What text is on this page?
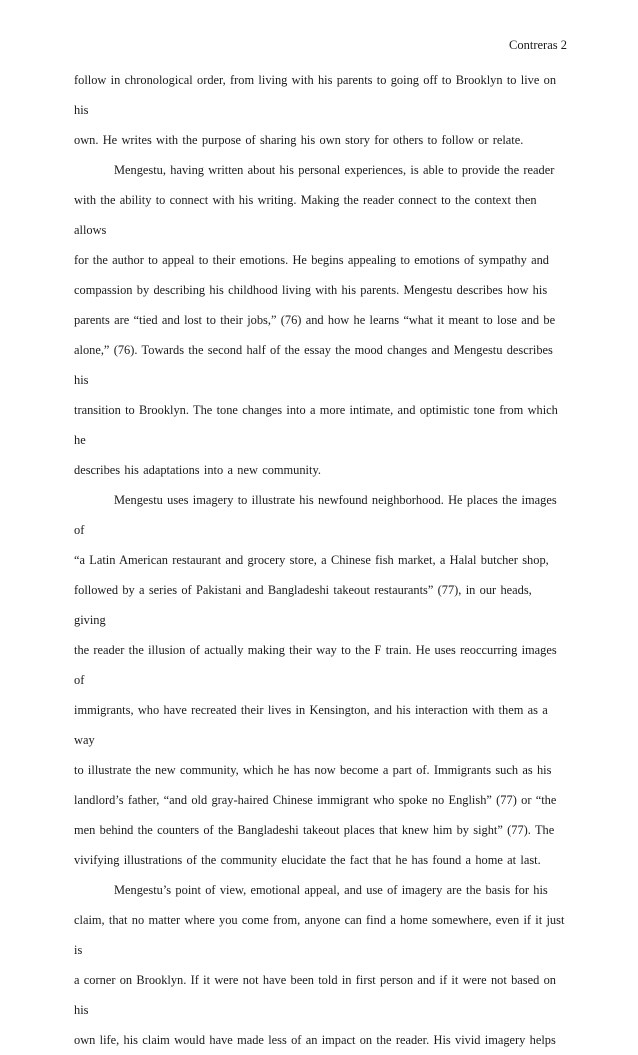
Contreras 2

follow in chronological order, from living with his parents to going off to Brooklyn to live on his
own. He writes with the purpose of sharing his own story for others to follow or relate.

Mengestu, having written about his personal experiences, is able to provide the reader
with the ability to connect with his writing. Making the reader connect to the context then allows
for the author to appeal to their emotions. He begins appealing to emotions of sympathy and
compassion by describing his childhood living with his parents. Mengestu describes how his
parents are “tied and lost to their jobs,” (76) and how he learns “what it meant to lose and be
alone,” (76). Towards the second half of the essay the mood changes and Mengestu describes his
transition to Brooklyn. The tone changes into a more intimate, and optimistic tone from which he
describes his adaptations into a new community.

Mengestu uses imagery to illustrate his newfound neighborhood. He places the images of
“a Latin American restaurant and grocery store, a Chinese fish market, a Halal butcher shop,
followed by a series of Pakistani and Bangladeshi takeout restaurants” (77), in our heads, giving
the reader the illusion of actually making their way to the F train. He uses reoccurring images of
immigrants, who have recreated their lives in Kensington, and his interaction with them as a way
to illustrate the new community, which he has now become a part of. Immigrants such as his
landlord’s father, “and old gray-haired Chinese immigrant who spoke no English” (77) or “the
men behind the counters of the Bangladeshi takeout places that knew him by sight” (77). The
vivifying illustrations of the community elucidate the fact that he has found a home at last.

Mengestu’s point of view, emotional appeal, and use of imagery are the basis for his
claim, that no matter where you come from, anyone can find a home somewhere, even if it just is
a corner on Brooklyn. If it were not have been told in first person and if it were not based on his
own life, his claim would have made less of an impact on the reader. His vivid imagery helps
